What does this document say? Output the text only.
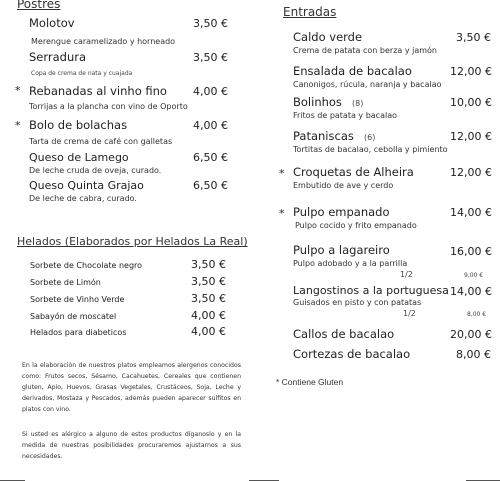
Postres
Molotov	3,50 €
Merengue caramelizado y horneado
Serradura	3,50 €
Copa de crema de nata y cuajada
* Rebanadas al vinho fino 4,00 €
Torrijas a la plancha con vino de Oporto
* Bolo de bolachas	4,00 €
Tarta de crema de café con galletas
Queso de Lamego	6,50 €
De leche cruda de oveja, curado.
Queso Quinta Grajao	6,50 €
De leche de cabra, curado.
Helados (Elaborados por Helados La Real)
Sorbete de Chocolate negro	3,50 €
Sorbete de Limón	3,50 €
Sorbete de Vinho Verde	3,50 €
Sabayón de moscatel	4,00 €
Helados para diabeticos	4,00 €
En la elaboración de nuestros platos empleamos alergenos conocidos como: Frutos secos, Sésamo, Cacahuetes, Cereales que contienen gluten, Apio, Huevos, Grasas Vegetales, Crustáceos, Soja, Leche y derivados, Mostaza y Pescados, además pueden aparecer sulfitos en platos con vino.
Si usted es alérgico a alguno de estos productos díganoslo y en la medida de nuestras posibilidades procuraremos ajustarnos a sus necesidades.
Entradas
Caldo verde	3,50 €
Crema de patata con berza y jamón
Ensalada de bacalao	12,00 €
Canonigos, rúcula, naranja y bacalao
Bolinhos (8)	10,00 €
Fritos de patata y bacalao
Pataniscas (6)	12,00 €
Tortitas de bacalao, cebolla y pimiento
* Croquetas de Alheira	12,00 €
Embutido de ave y cerdo
* Pulpo empanado	14,00 €
Pulpo cocido y frito empanado
Pulpo a lagareiro	16,00 €
Pulpo adobado y a la parrilla
1/2	9,00 €
Langostinos a la portuguesa 14,00 €
Guisados en pisto y con patatas
1/2	8,00 €
Callos de bacalao	20,00 €
Cortezas de bacalao	8,00 €
* Contiene Gluten
